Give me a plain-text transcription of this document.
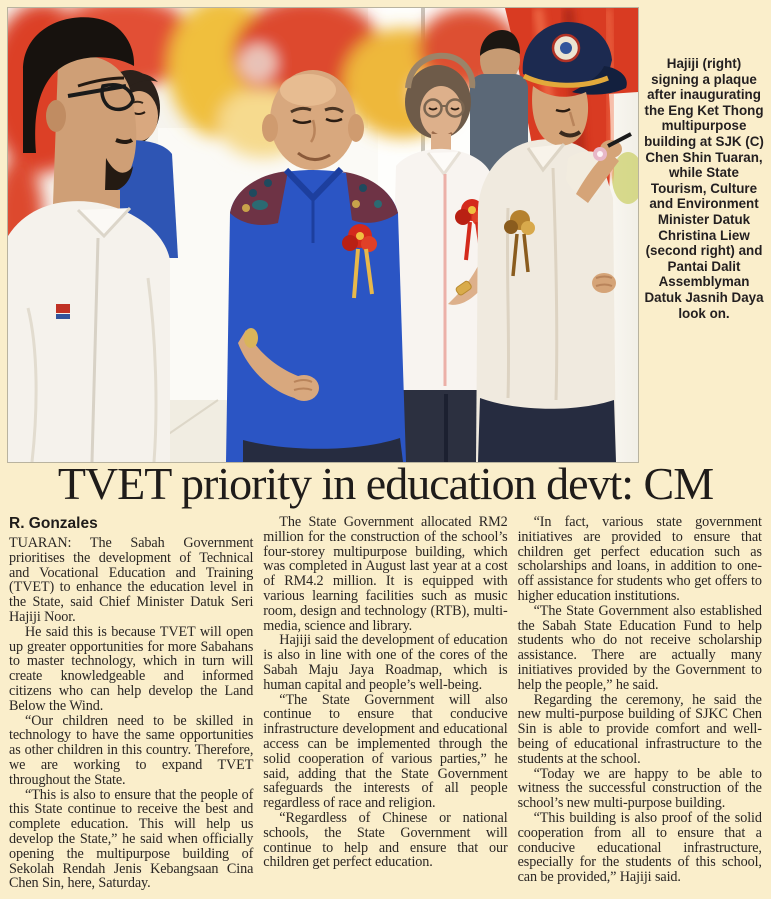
Hajiji (right) signing a plaque after inaugurating the Eng Ket Thong multipurpose building at SJK (C) Chen Shin Tuaran, while State Tourism, Culture and Environment Minister Datuk Christina Liew (second right) and Pantai Dalit Assemblyman Datuk Jasnih Daya look on.
TVET priority in education devt: CM
R. Gonzales

TUARAN: The Sabah Government prioritises the development of Technical and Vocational Education and Training (TVET) to enhance the education level in the State, said Chief Minister Datuk Seri Hajiji Noor.

He said this is because TVET will open up greater opportunities for more Sabahans to master technology, which in turn will create knowledgeable and informed citizens who can help develop the Land Below the Wind.

“Our children need to be skilled in technology to have the same opportunities as other children in this country. Therefore, we are working to expand TVET throughout the State.

“This is also to ensure that the people of this State continue to receive the best and complete education. This will help us develop the State,” he said when officially opening the multipurpose building of Sekolah Rendah Jenis Kebangsaan Cina Chen Sin, here, Saturday.

The State Government allocated RM2 million for the construction of the school’s four-storey multipurpose building, which was completed in August last year at a cost of RM4.2 million. It is equipped with various learning facilities such as music room, design and technology (RTB), multi-media, science and library.

Hajiji said the development of education is also in line with one of the cores of the Sabah Maju Jaya Roadmap, which is human capital and people’s well-being.

“The State Government will also continue to ensure that conducive infrastructure development and educational access can be implemented through the solid cooperation of various parties,” he said, adding that the State Government safeguards the interests of all people regardless of race and religion.

“Regardless of Chinese or national schools, the State Government will continue to help and ensure that our children get perfect education.

“In fact, various state government initiatives are provided to ensure that children get perfect education such as scholarships and loans, in addition to one-off assistance for students who get offers to higher education institutions.

“The State Government also established the Sabah State Education Fund to help students who do not receive scholarship assistance. There are actually many initiatives provided by the Government to help the people,” he said.

Regarding the ceremony, he said the new multi-purpose building of SJKC Chen Sin is able to provide comfort and well-being of educational infrastructure to the students at the school.

“Today we are happy to be able to witness the successful construction of the school’s new multi-purpose building.

“This building is also proof of the solid cooperation from all to ensure that a conducive educational infrastructure, especially for the students of this school, can be provided,” Hajiji said.
